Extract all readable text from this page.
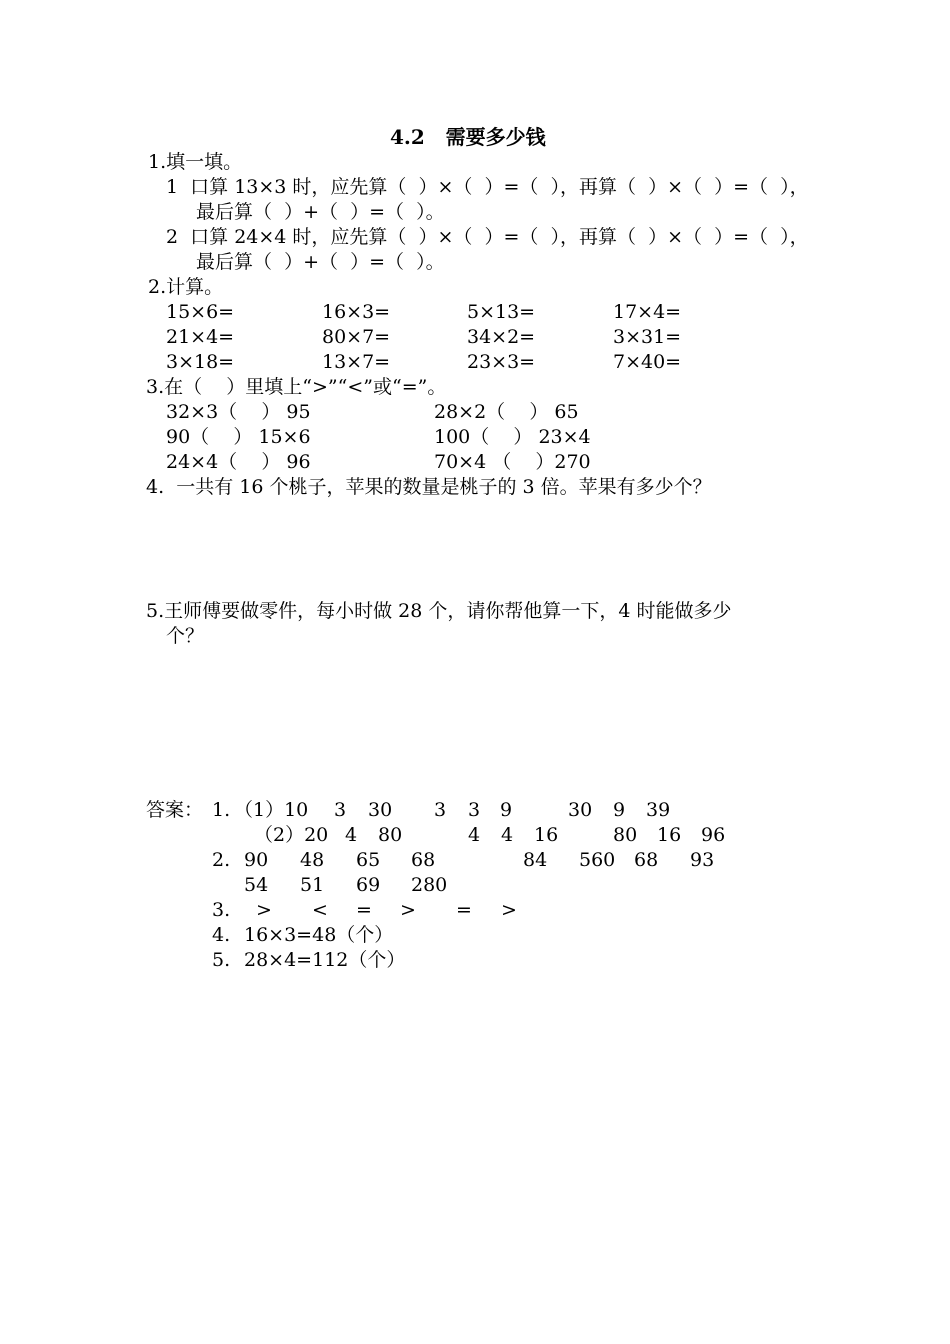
4.2   需要多少钱
1.填一填。
1  口算 13×3 时，应先算（  ）×（  ）=（  ），再算（  ）×（  ）=（  ），
最后算（  ）+（  ）=（  ）。
2  口算 24×4 时，应先算（  ）×（  ）=（  ），再算（  ）×（  ）=（  ），
最后算（  ）+（  ）=（  ）。
2.计算。
15×6=	16×3=	5×13=	17×4=
21×4=	80×7=	34×2=	3×31=
3×18=	13×7=	23×3=	7×40=
3.在（    ）里填上“>”“<”或“=”。
32×3（    ） 95	28×2（    ） 65
90（    ） 15×6	100（    ） 23×4
24×4（    ） 96	70×4 （    ）270
4.  一共有 16 个桃子，苹果的数量是桃子的 3 倍。苹果有多少个？
5.王师傅要做零件，每小时做 28 个，请你帮他算一下，4 时能做多少
个？
答案： 1. （1）10 3 30 3 3 9	30 9 39
（2）20 4 80	4 4 16	80 16 96
2. 90 48 65 68	84 560 68 93
54 51 69 280
3. > < = > = >
4. 16×3=48（个）
5. 28×4=112（个）
